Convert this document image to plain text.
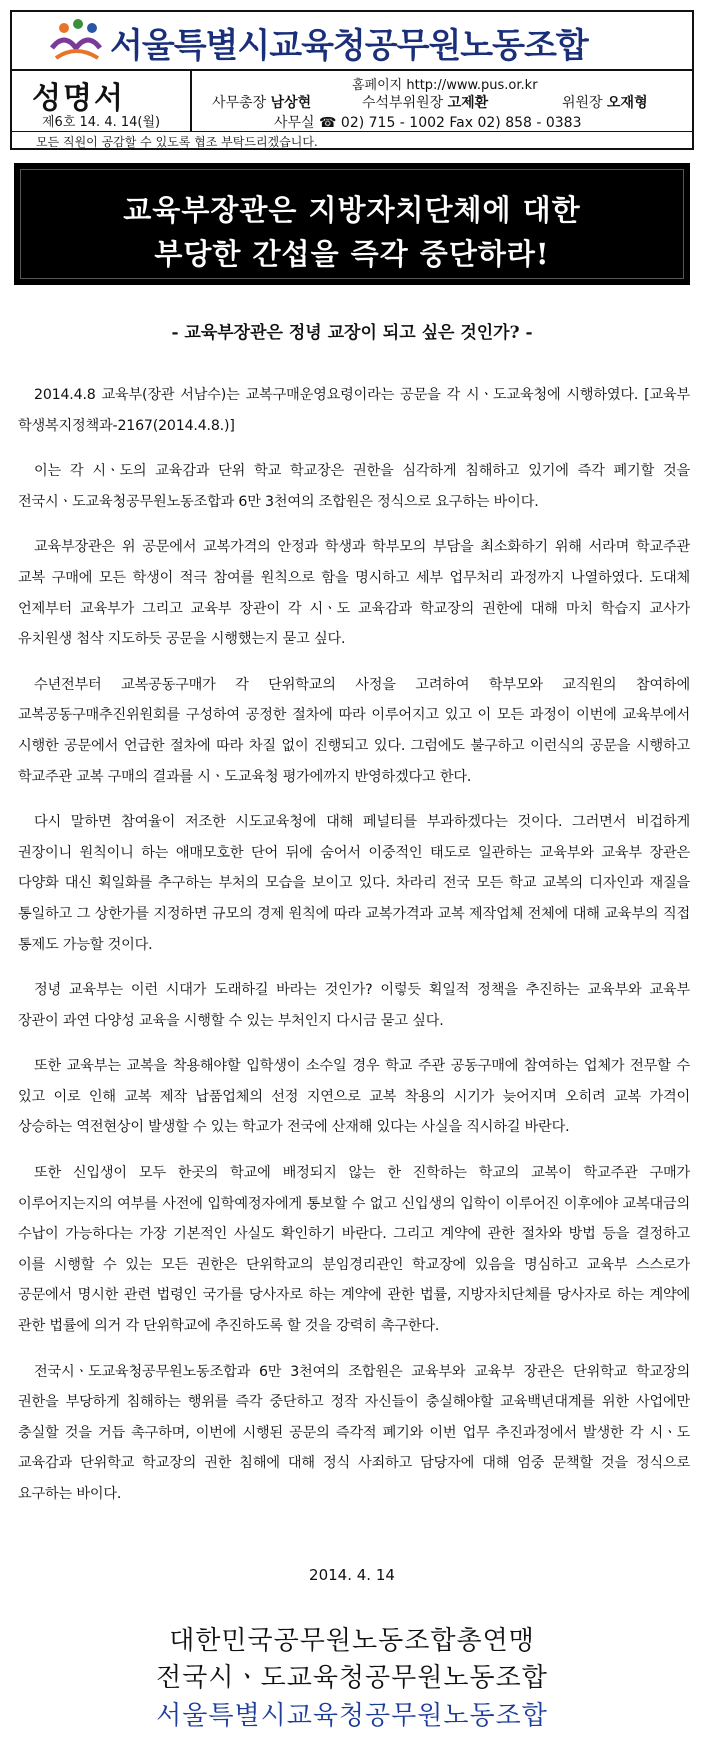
서울특별시교육청공무원노동조합
성명서
제6호 14. 4. 14(월)
홈페이지 http://www.pus.or.kr
사무총장 남상현	수석부위원장 고제환	위원장 오재형
사무실 ☎ 02) 715 - 1002 Fax 02) 858 - 0383
모든 직원이 공감할 수 있도록 협조 부탁드리겠습니다.
교육부장관은 지방자치단체에 대한
부당한 간섭을 즉각 중단하라!
- 교육부장관은 정녕 교장이 되고 싶은 것인가? -

2014.4.8 교육부(장관 서남수)는 교복구매운영요령이라는 공문을 각 시ㆍ도교육청에 시행하였다. [교육부 학생복지정책과-2167(2014.4.8.)]

이는 각 시ㆍ도의 교육감과 단위 학교 학교장은 권한을 심각하게 침해하고 있기에 즉각 폐기할 것을 전국시ㆍ도교육청공무원노동조합과 6만 3천여의 조합원은 정식으로 요구하는 바이다.

교육부장관은 위 공문에서 교복가격의 안정과 학생과 학부모의 부담을 최소화하기 위해 서라며 학교주관 교복 구매에 모든 학생이 적극 참여를 원칙으로 함을 명시하고 세부 업무처리 과정까지 나열하였다. 도대체 언제부터 교육부가 그리고 교육부 장관이 각 시ㆍ도 교육감과 학교장의 권한에 대해 마치 학습지 교사가 유치원생 첨삭 지도하듯 공문을 시행했는지 묻고 싶다.

수년전부터 교복공동구매가 각 단위학교의 사정을 고려하여 학부모와 교직원의 참여하에 교복공동구매추진위원회를 구성하여 공정한 절차에 따라 이루어지고 있고 이 모든 과정이 이번에 교육부에서 시행한 공문에서 언급한 절차에 따라 차질 없이 진행되고 있다. 그럼에도 불구하고 이런식의 공문을 시행하고 학교주관 교복 구매의 결과를 시ㆍ도교육청 평가에까지 반영하겠다고 한다.

다시 말하면 참여율이 저조한 시도교육청에 대해 페널티를 부과하겠다는 것이다. 그러면서 비겁하게 권장이니 원칙이니 하는 애매모호한 단어 뒤에 숨어서 이중적인 태도로 일관하는 교육부와 교육부 장관은 다양화 대신 획일화를 추구하는 부처의 모습을 보이고 있다. 차라리 전국 모든 학교 교복의 디자인과 재질을 통일하고 그 상한가를 지정하면 규모의 경제 원칙에 따라 교복가격과 교복 제작업체 전체에 대해 교육부의 직접 통제도 가능할 것이다.

정녕 교육부는 이런 시대가 도래하길 바라는 것인가? 이렇듯 획일적 정책을 추진하는 교육부와 교육부 장관이 과연 다양성 교육을 시행할 수 있는 부처인지 다시금 묻고 싶다.

또한 교육부는 교복을 착용해야할 입학생이 소수일 경우 학교 주관 공동구매에 참여하는 업체가 전무할 수 있고 이로 인해 교복 제작 납품업체의 선정 지연으로 교복 착용의 시기가 늦어지며 오히려 교복 가격이 상승하는 역전현상이 발생할 수 있는 학교가 전국에 산재해 있다는 사실을 직시하길 바란다.

또한 신입생이 모두 한곳의 학교에 배정되지 않는 한 진학하는 학교의 교복이 학교주관 구매가 이루어지는지의 여부를 사전에 입학예정자에게 통보할 수 없고 신입생의 입학이 이루어진 이후에야 교복대금의 수납이 가능하다는 가장 기본적인 사실도 확인하기 바란다. 그리고 계약에 관한 절차와 방법 등을 결정하고 이를 시행할 수 있는 모든 권한은 단위학교의 분임경리관인 학교장에 있음을 명심하고 교육부 스스로가 공문에서 명시한 관련 법령인 국가를 당사자로 하는 계약에 관한 법률, 지방자치단체를 당사자로 하는 계약에 관한 법률에 의거 각 단위학교에 추진하도록 할 것을 강력히 촉구한다.

전국시ㆍ도교육청공무원노동조합과 6만 3천여의 조합원은 교육부와 교육부 장관은 단위학교 학교장의 권한을 부당하게 침해하는 행위를 즉각 중단하고 정작 자신들이 충실해야할 교육백년대계를 위한 사업에만 충실할 것을 거듭 촉구하며, 이번에 시행된 공문의 즉각적 폐기와 이번 업무 추진과정에서 발생한 각 시ㆍ도 교육감과 단위학교 학교장의 권한 침해에 대해 정식 사죄하고 담당자에 대해 엄중 문책할 것을 정식으로 요구하는 바이다.

2014. 4. 14
대한민국공무원노동조합총연맹
전국시ㆍ도교육청공무원노동조합
서울특별시교육청공무원노동조합
